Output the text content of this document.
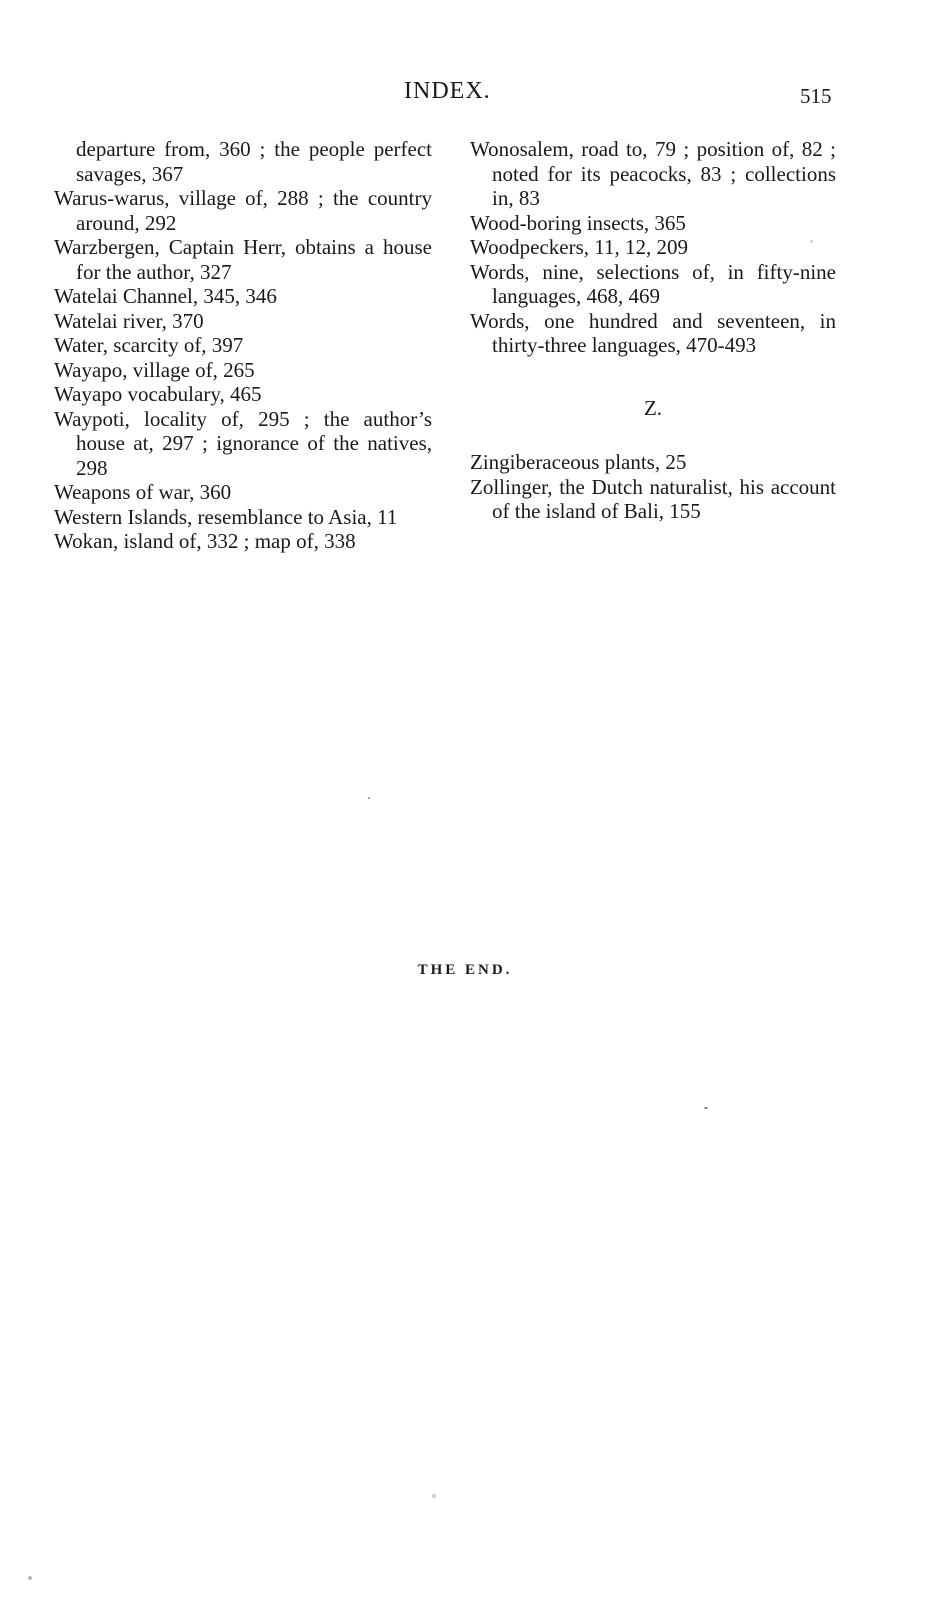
INDEX.	515

departure from, 360 ; the people perfect savages, 367

Warus-warus, village of, 288 ; the country around, 292

Warzbergen, Captain Herr, obtains a house for the author, 327

Watelai Channel, 345, 346

Watelai river, 370

Water, scarcity of, 397

Wayapo, village of, 265

Wayapo vocabulary, 465

Waypoti, locality of, 295 ; the author’s house at, 297 ; ignorance of the natives, 298

Weapons of war, 360

Western Islands, resemblance to Asia, 11

Wokan, island of, 332 ; map of, 338

Wonosalem, road to, 79 ; position of, 82 ; noted for its peacocks, 83 ; collections in, 83

Wood-boring insects, 365

Woodpeckers, 11, 12, 209

Words, nine, selections of, in fifty-nine languages, 468, 469

Words, one hundred and seventeen, in thirty-three languages, 470-493

Z.

Zingiberaceous plants, 25

Zollinger, the Dutch naturalist, his account of the island of Bali, 155

THE END.
